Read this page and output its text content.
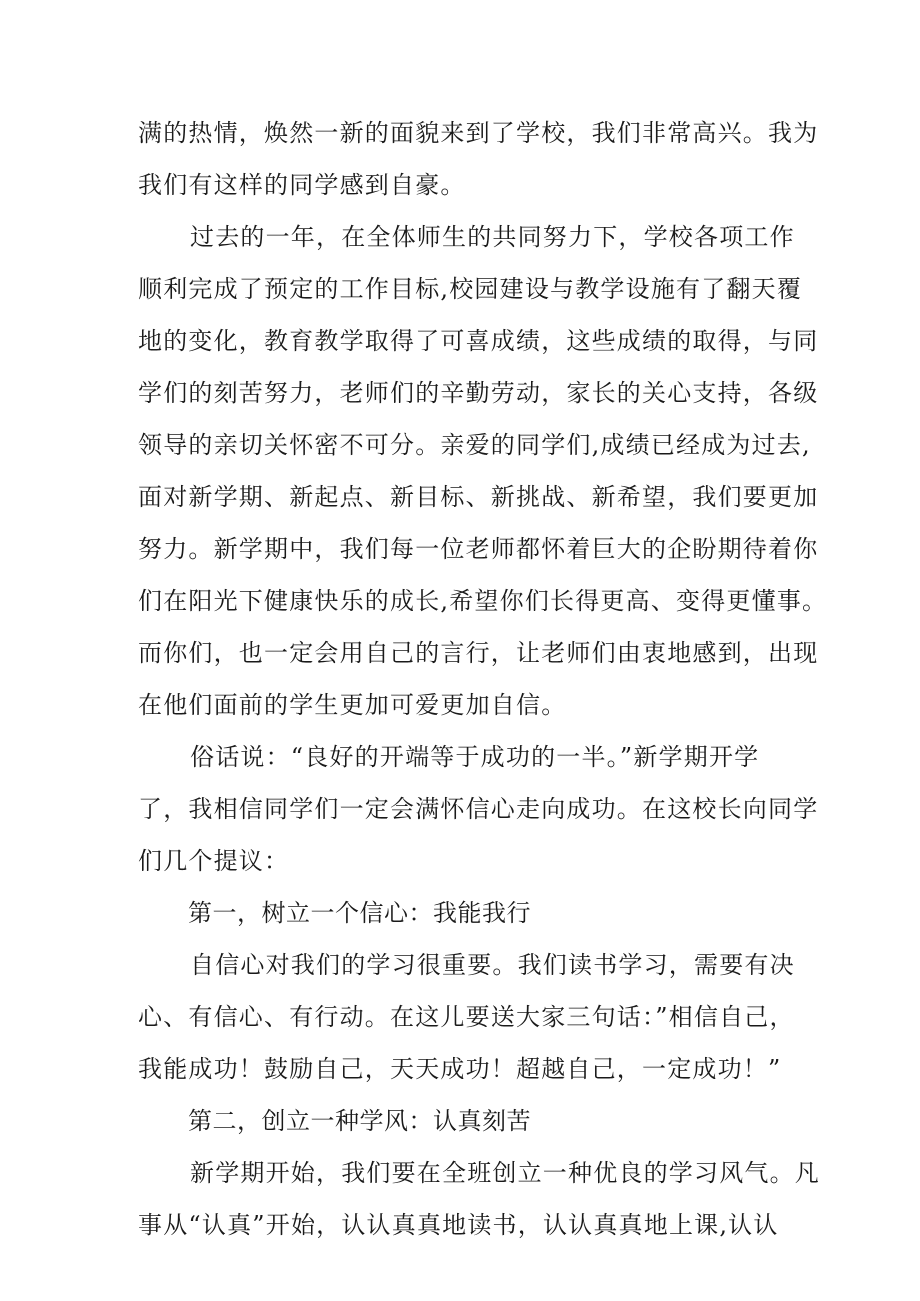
满的热情，焕然一新的面貌来到了学校，我们非常高兴。我为
我们有这样的同学感到自豪。
过去的一年，在全体师生的共同努力下，学校各项工作
顺利完成了预定的工作目标,校园建设与教学设施有了翻天覆
地的变化，教育教学取得了可喜成绩，这些成绩的取得，与同
学们的刻苦努力，老师们的辛勤劳动，家长的关心支持，各级
领导的亲切关怀密不可分。亲爱的同学们,成绩已经成为过去,
面对新学期、新起点、新目标、新挑战、新希望，我们要更加
努力。新学期中，我们每一位老师都怀着巨大的企盼期待着你
们在阳光下健康快乐的成长,希望你们长得更高、变得更懂事。
而你们，也一定会用自己的言行，让老师们由衷地感到，出现
在他们面前的学生更加可爱更加自信。
俗话说：“良好的开端等于成功的一半。”新学期开学
了，我相信同学们一定会满怀信心走向成功。在这校长向同学
们几个提议：
第一，树立一个信心：我能我行
自信心对我们的学习很重要。我们读书学习，需要有决
心、有信心、有行动。在这儿要送大家三句话：”相信自己，
我能成功！鼓励自己，天天成功！超越自己，一定成功！”
第二，创立一种学风：认真刻苦
新学期开始，我们要在全班创立一种优良的学习风气。凡
事从“认真”开始，认认真真地读书，认认真真地上课,认认
